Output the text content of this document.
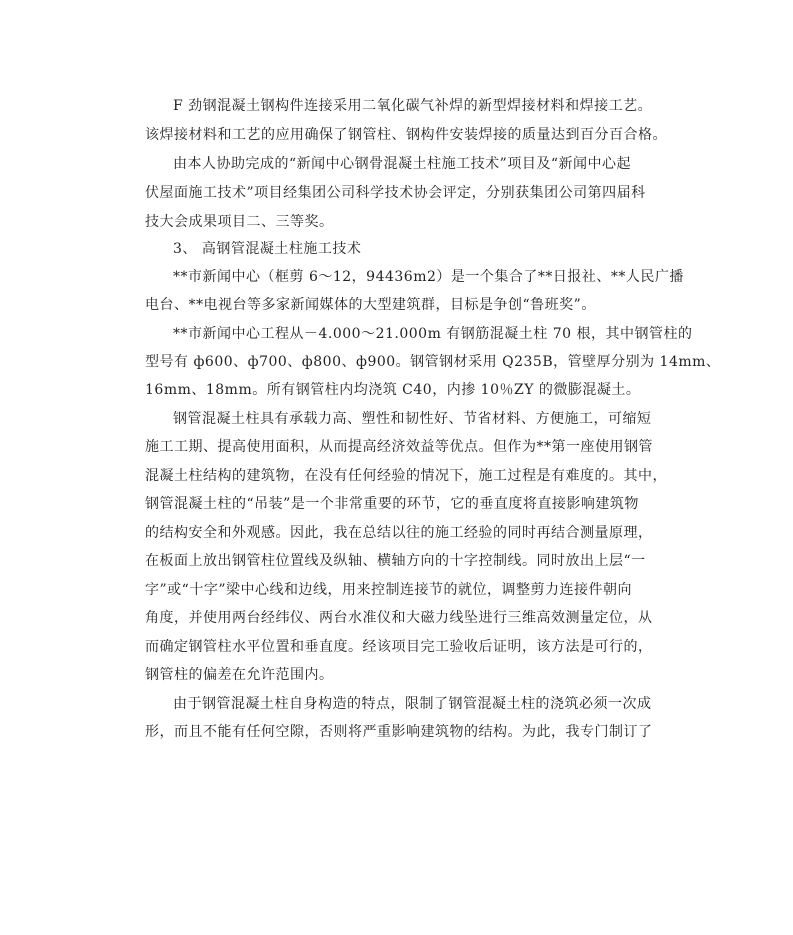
F 劲钢混凝土钢构件连接采用二氧化碳气补焊的新型焊接材料和焊接工艺。

该焊接材料和工艺的应用确保了钢管柱、钢构件安装焊接的质量达到百分百合格。

由本人协助完成的“新闻中心钢骨混凝土柱施工技术”项目及“新闻中心起

伏屋面施工技术”项目经集团公司科学技术协会评定，分别获集团公司第四届科

技大会成果项目二、三等奖。

3、 高钢管混凝土柱施工技术

**市新闻中心（框剪 6～12，94436m2）是一个集合了**日报社、**人民广播

电台、**电视台等多家新闻媒体的大型建筑群，目标是争创“鲁班奖”。

**市新闻中心工程从－4.000～21.000m 有钢筋混凝土柱 70 根，其中钢管柱的

型号有 ф600、ф700、ф800、ф900。钢管钢材采用 Q235B，管壁厚分别为 14mm、

16mm、18mm。所有钢管柱内均浇筑 C40，内掺 10％ZY 的微膨混凝土。

钢管混凝土柱具有承载力高、塑性和韧性好、节省材料、方便施工，可缩短

施工工期、提高使用面积，从而提高经济效益等优点。但作为**第一座使用钢管

混凝土柱结构的建筑物，在没有任何经验的情况下，施工过程是有难度的。其中，

钢管混凝土柱的“吊装”是一个非常重要的环节，它的垂直度将直接影响建筑物

的结构安全和外观感。因此，我在总结以往的施工经验的同时再结合测量原理，

在板面上放出钢管柱位置线及纵轴、横轴方向的十字控制线。同时放出上层“一

字”或“十字”梁中心线和边线，用来控制连接节的就位，调整剪力连接件朝向

角度，并使用两台经纬仪、两台水准仪和大磁力线坠进行三维高效测量定位，从

而确定钢管柱水平位置和垂直度。经该项目完工验收后证明，该方法是可行的，

钢管柱的偏差在允许范围内。

由于钢管混凝土柱自身构造的特点，限制了钢管混凝土柱的浇筑必须一次成

形，而且不能有任何空隙，否则将严重影响建筑物的结构。为此，我专门制订了
